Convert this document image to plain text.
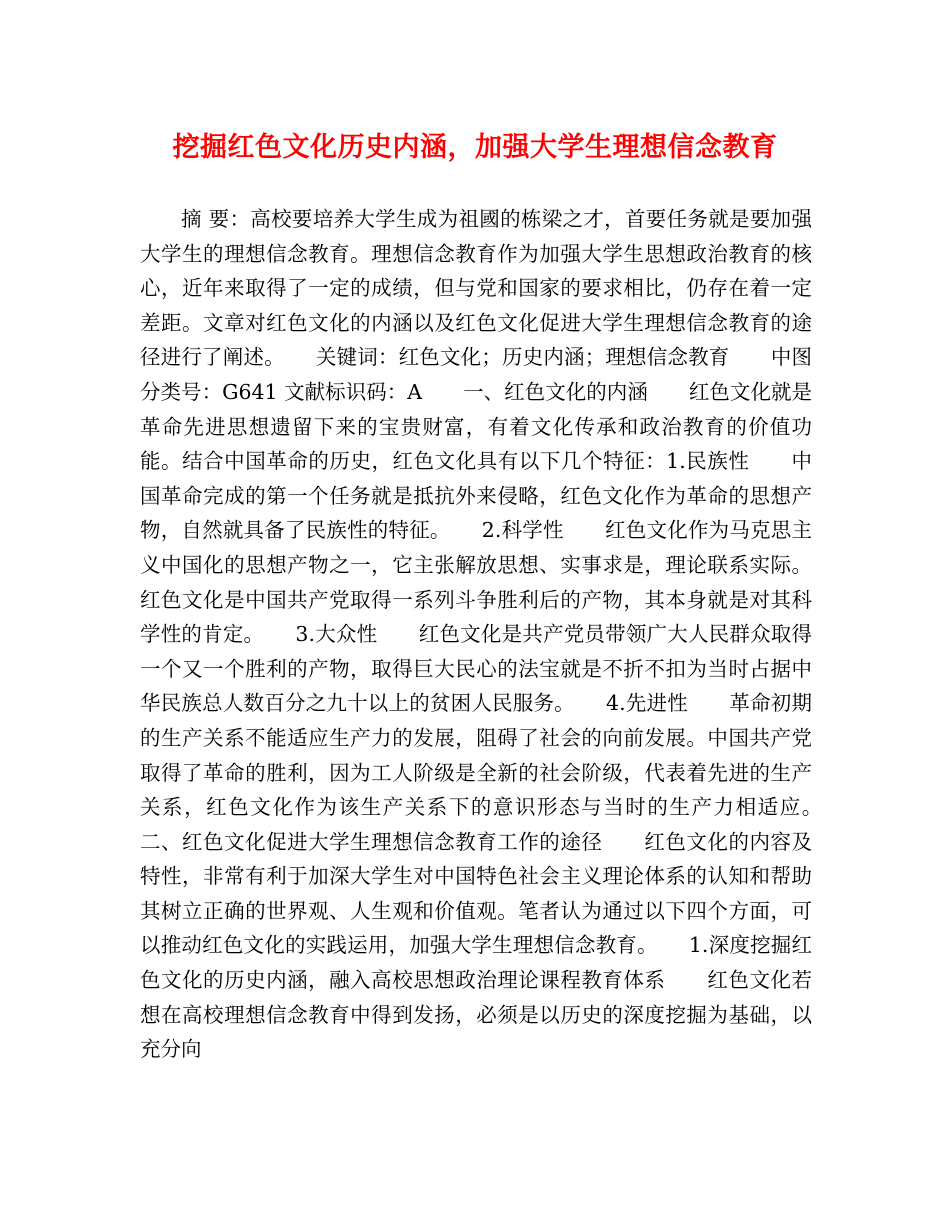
挖掘红色文化历史内涵，加强大学生理想信念教育

摘 要：高校要培养大学生成为祖國的栋梁之才，首要任务就是要加强大学生的理想信念教育。理想信念教育作为加强大学生思想政治教育的核心，近年来取得了一定的成绩，但与党和国家的要求相比，仍存在着一定差距。文章对红色文化的内涵以及红色文化促进大学生理想信念教育的途径进行了阐述。　　关键词：红色文化；历史内涵；理想信念教育　　中图分类号：G641 文献标识码：A　　一、红色文化的内涵　　红色文化就是革命先进思想遗留下来的宝贵财富，有着文化传承和政治教育的价值功能。结合中国革命的历史，红色文化具有以下几个特征：1.民族性　　中国革命完成的第一个任务就是抵抗外来侵略，红色文化作为革命的思想产物，自然就具备了民族性的特征。　　2.科学性　　红色文化作为马克思主义中国化的思想产物之一，它主张解放思想、实事求是，理论联系实际。红色文化是中国共产党取得一系列斗争胜利后的产物，其本身就是对其科学性的肯定。　　3.大众性　　红色文化是共产党员带领广大人民群众取得一个又一个胜利的产物，取得巨大民心的法宝就是不折不扣为当时占据中华民族总人数百分之九十以上的贫困人民服务。　　4.先进性　　革命初期的生产关系不能适应生产力的发展，阻碍了社会的向前发展。中国共产党取得了革命的胜利，因为工人阶级是全新的社会阶级，代表着先进的生产关系，红色文化作为该生产关系下的意识形态与当时的生产力相适应。　　二、红色文化促进大学生理想信念教育工作的途径　　红色文化的内容及特性，非常有利于加深大学生对中国特色社会主义理论体系的认知和帮助其树立正确的世界观、人生观和价值观。笔者认为通过以下四个方面，可以推动红色文化的实践运用，加强大学生理想信念教育。　　1.深度挖掘红色文化的历史内涵，融入高校思想政治理论课程教育体系　　红色文化若想在高校理想信念教育中得到发扬，必须是以历史的深度挖掘为基础，以充分向
